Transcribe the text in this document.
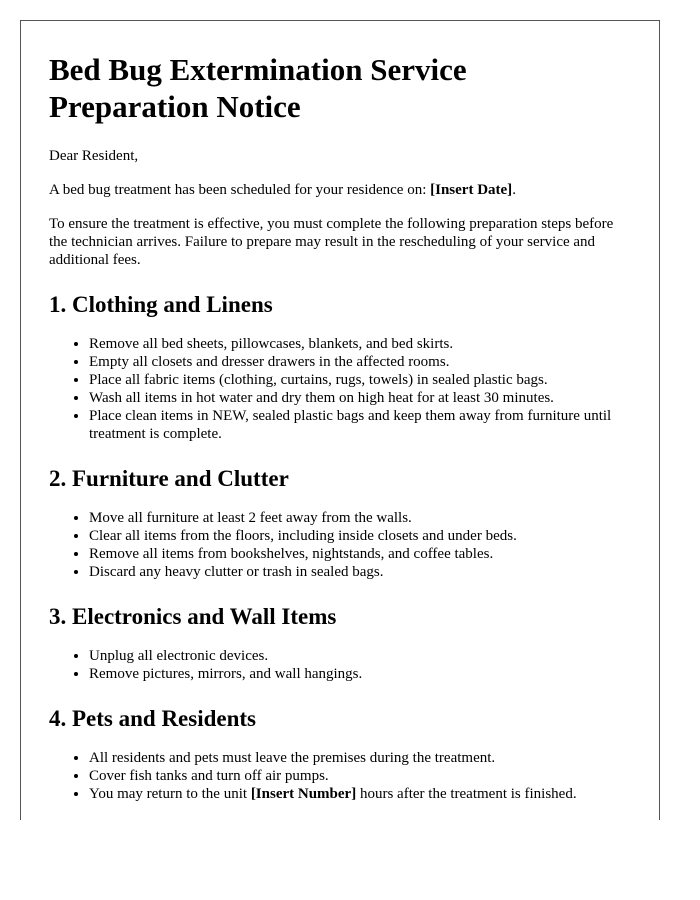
Bed Bug Extermination Service Preparation Notice

Dear Resident,

A bed bug treatment has been scheduled for your residence on: [Insert Date].

To ensure the treatment is effective, you must complete the following preparation steps before the technician arrives. Failure to prepare may result in the rescheduling of your service and additional fees.

1. Clothing and Linens
• Remove all bed sheets, pillowcases, blankets, and bed skirts.
• Empty all closets and dresser drawers in the affected rooms.
• Place all fabric items (clothing, curtains, rugs, towels) in sealed plastic bags.
• Wash all items in hot water and dry them on high heat for at least 30 minutes.
• Place clean items in NEW, sealed plastic bags and keep them away from furniture until treatment is complete.
2. Furniture and Clutter
• Move all furniture at least 2 feet away from the walls.
• Clear all items from the floors, including inside closets and under beds.
• Remove all items from bookshelves, nightstands, and coffee tables.
• Discard any heavy clutter or trash in sealed bags.
3. Electronics and Wall Items
• Unplug all electronic devices.
• Remove pictures, mirrors, and wall hangings.
4. Pets and Residents
• All residents and pets must leave the premises during the treatment.
• Cover fish tanks and turn off air pumps.
• You may return to the unit [Insert Number] hours after the treatment is finished.
